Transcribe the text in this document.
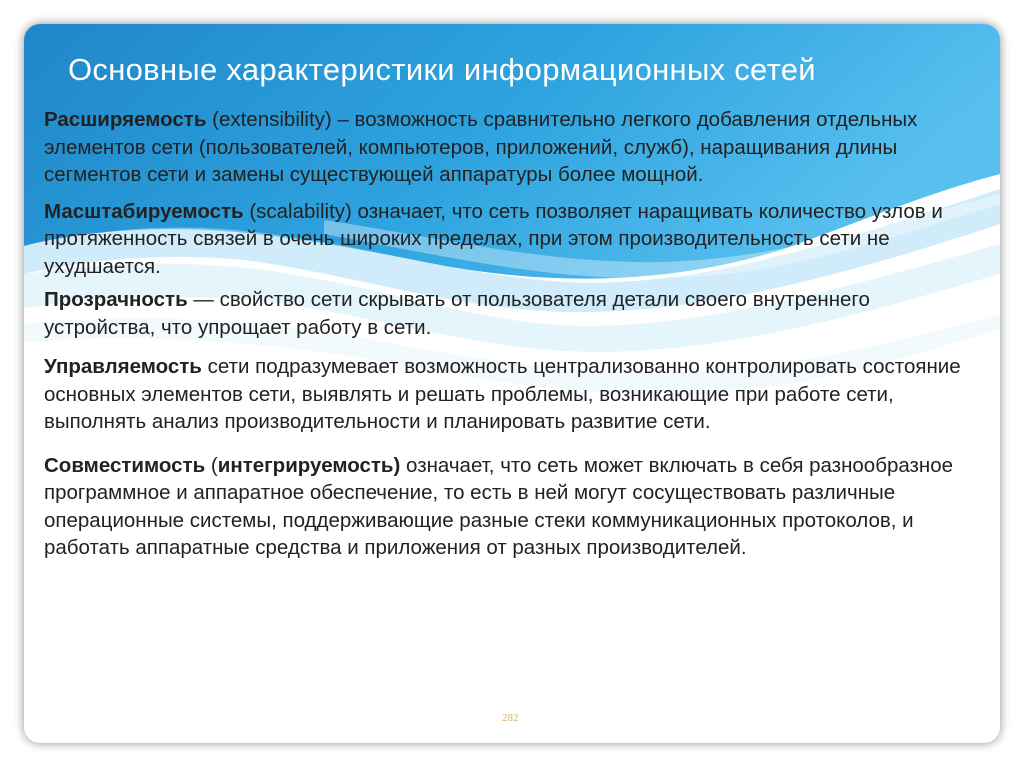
Основные характеристики информационных сетей

Расширяемость (extensibility) – возможность сравнительно легкого добавления отдельных элементов сети (пользователей, компьютеров, приложений, служб), наращивания длины сегментов сети и замены существующей аппаратуры более мощной.

Масштабируемость (scalability) означает, что сеть позволяет наращивать количество узлов и протяженность связей в очень широких пределах, при этом производительность сети не ухудшается.

Прозрачность — свойство сети скрывать от пользователя детали своего внутреннего устройства, что упрощает работу в сети.

Управляемость сети подразумевает возможность централизованно контролировать состояние основных элементов сети, выявлять и решать проблемы, возникающие при работе сети, выполнять анализ производительности и планировать развитие сети.

Совместимость (интегрируемость) означает, что сеть может включать в себя разнообразное программное и аппаратное обеспечение, то есть в ней могут сосуществовать различные операционные системы, поддерживающие разные стеки коммуникационных протоколов, и работать аппаратные средства и приложения от разных производителей.

282
